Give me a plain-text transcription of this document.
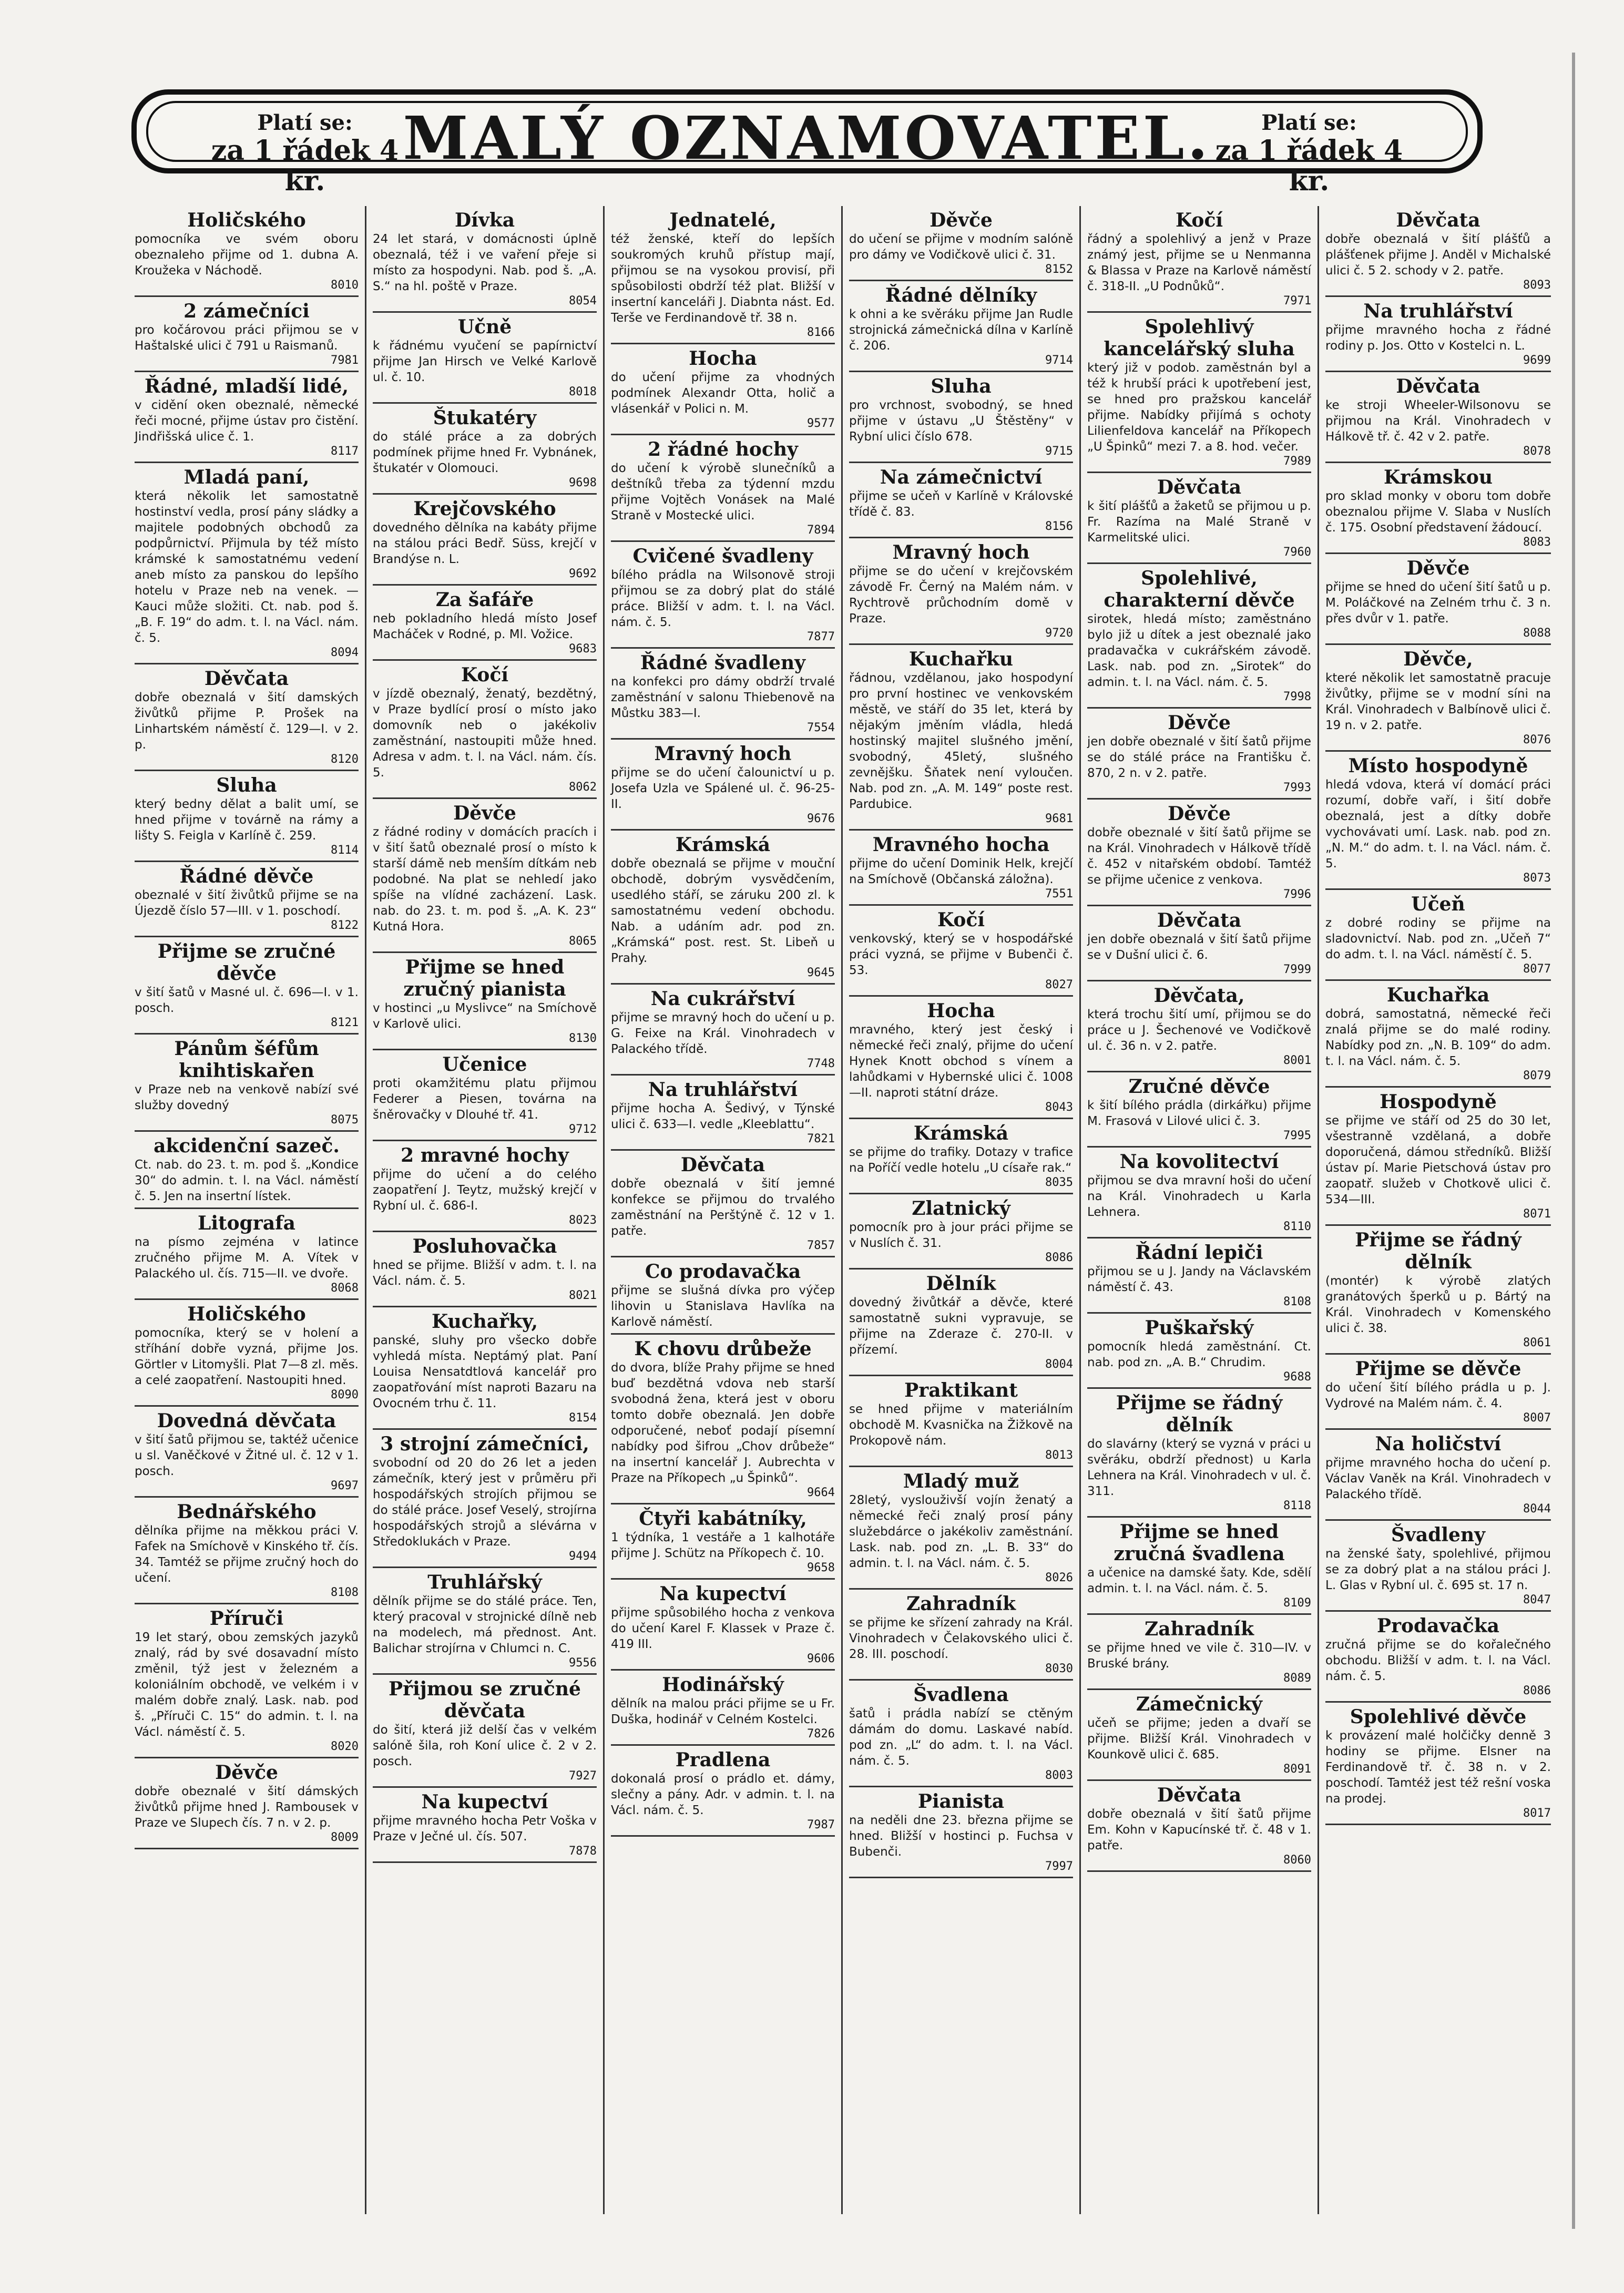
Platí se:
za 1 řádek 4 kr.
MALÝ OZNAMOVATEL.	Platí se:
za 1 řádek 4 kr.
Holičského
pomocníka ve svém oboru obeznaleho přijme od 1. dubna A. Kroužeka v Náchodě.
8010
2 zámečníci
pro kočárovou práci přijmou se v Haštalské ulici č 791 u Raismanů.
7981
Řádné, mladší lidé,
v cidění oken obeznalé, německé řeči mocné, přijme ústav pro čistění. Jindřišská ulice č. 1.
8117
Mladá paní,
která několik let samostatně hostinství vedla, prosí pány sládky a majitele podobných obchodů za podpůrnictví. Přijmula by též místo krámské k samostatnému vedení aneb místo za panskou do lepšího hotelu v Praze neb na venek. — Kauci může složiti. Ct. nab. pod š. „B. F. 19“ do adm. t. l. na Václ. nám. č. 5.
8094
Děvčata
dobře obeznalá v šití damských živůtků přijme P. Prošek na Linhartském náměstí č. 129—I. v 2. p.
8120
Sluha
který bedny dělat a balit umí, se hned přijme v továrně na rámy a lišty S. Feigla v Karlíně č. 259.
8114
Řádné děvče
obeznalé v šití živůtků přijme se na Újezdě číslo 57—III. v 1. poschodí.
8122
Přijme se zručné děvče
v šití šatů v Masné ul. č. 696—I. v 1. posch.
8121
Pánům šéfům knihtiskařen
v Praze neb na venkově nabízí své služby dovedný
8075
akcidenční sazeč.
Ct. nab. do 23. t. m. pod š. „Kondice 30“ do admin. t. l. na Václ. náměstí č. 5. Jen na insertní lístek.
Litografa
na písmo zejména v latince zručného přijme M. A. Vítek v Palackého ul. čís. 715—II. ve dvoře.
8068
Holičského
pomocníka, který se v holení a stříhání dobře vyzná, přijme Jos. Görtler v Litomyšli. Plat 7—8 zl. měs. a celé zaopatření. Nastoupiti hned.
8090
Dovedná děvčata
v šití šatů přijmou se, taktéž učenice u sl. Vaněčkové v Žitné ul. č. 12 v 1. posch.
9697
Bednářského
dělníka přijme na měkkou práci V. Fafek na Smíchově v Kinského tř. čís. 34. Tamtéž se přijme zručný hoch do učení.
8108
Příruči
19 let starý, obou zemských jazyků znalý, rád by své dosavadní místo změnil, týž jest v železném a koloniálním obchodě, ve velkém i v malém dobře znalý. Lask. nab. pod š. „Příruči C. 15“ do admin. t. l. na Václ. náměstí č. 5.
8020
Děvče
dobře obeznalé v šití dámských živůtků přijme hned J. Rambousek v Praze ve Slupech čís. 7 n. v 2. p.
8009
Dívka
24 let stará, v domácnosti úplně obeznalá, též i ve vaření přeje si místo za hospodyni. Nab. pod š. „A. S.“ na hl. poště v Praze.
8054
Učně
k řádnému vyučení se papírnictví přijme Jan Hirsch ve Velké Karlově ul. č. 10.
8018
Štukatéry
do stálé práce a za dobrých podmínek přijme hned Fr. Vybnánek, štukatér v Olomouci.
9698
Krejčovského
dovedného dělníka na kabáty přijme na stálou práci Bedř. Süss, krejčí v Brandýse n. L.
9692
Za šafáře
neb pokladního hledá místo Josef Macháček v Rodné, p. Ml. Vožice.
9683
Kočí
v jízdě obeznalý, ženatý, bezdětný, v Praze bydlící prosí o místo jako domovník neb o jakékoliv zaměstnání, nastoupiti může hned. Adresa v adm. t. l. na Václ. nám. čís. 5.
8062
Děvče
z řádné rodiny v domácích pracích i v šití šatů obeznalé prosí o místo k starší dámě neb menším dítkám neb podobné. Na plat se nehledí jako spíše na vlídné zacházení. Lask. nab. do 23. t. m. pod š. „A. K. 23“ Kutná Hora.
8065
Přijme se hned zručný pianista
v hostinci „u Myslivce“ na Smíchově v Karlově ulici.
8130
Učenice
proti okamžitému platu přijmou Federer a Piesen, továrna na šněrovačky v Dlouhé tř. 41.
9712
2 mravné hochy
přijme do učení a do celého zaopatření J. Teytz, mužský krejčí v Rybní ul. č. 686-I.
8023
Posluhovačka
hned se přijme. Bližší v adm. t. l. na Václ. nám. č. 5.
8021
Kuchařky,
panské, sluhy pro všecko dobře vyhledá místa. Neptámý plat. Paní Louisa Nensatdtlová kancelář pro zaopatřování míst naproti Bazaru na Ovocném trhu č. 11.
8154
3 strojní zámečníci,
svobodní od 20 do 26 let a jeden zámečník, který jest v průměru při hospodářských strojích přijmou se do stálé práce. Josef Veselý, strojírna hospodářských strojů a slévárna v Středoklukách v Praze.
9494
Truhlářský
dělník přijme se do stálé práce. Ten, který pracoval v strojnické dílně neb na modelech, má přednost. Ant. Balichar strojírna v Chlumci n. C.
9556
Přijmou se zručné děvčata
do šití, která již delší čas v velkém salóně šila, roh Koní ulice č. 2 v 2. posch.
7927
Na kupectví
přijme mravného hocha Petr Voška v Praze v Ječné ul. čís. 507.
7878
Jednatelé,
též ženské, kteří do lepších soukromých kruhů přístup mají, přijmou se na vysokou provisí, při spůsobilosti obdrží též plat. Bližší v insertní kanceláři J. Diabnta nást. Ed. Terše ve Ferdinandově tř. 38 n.
8166
Hocha
do učení přijme za vhodných podmínek Alexandr Otta, holič a vlásenkář v Polici n. M.
9577
2 řádné hochy
do učení k výrobě slunečníků a deštníků třeba za týdenní mzdu přijme Vojtěch Vonásek na Malé Straně v Mostecké ulici.
7894
Cvičené švadleny
bílého prádla na Wilsonově stroji přijmou se za dobrý plat do stálé práce. Bližší v adm. t. l. na Václ. nám. č. 5.
7877
Řádné švadleny
na konfekci pro dámy obdrží trvalé zaměstnání v salonu Thiebenově na Můstku 383—I.
7554
Mravný hoch
přijme se do učení čalounictví u p. Josefa Uzla ve Spálené ul. č. 96-25-II.
9676
Krámská
dobře obeznalá se přijme v mouční obchodě, dobrým vysvědčením, usedlého stáří, se záruku 200 zl. k samostatnému vedení obchodu. Nab. a udáním adr. pod zn. „Krámská“ post. rest. St. Libeň u Prahy.
9645
Na cukrářství
přijme se mravný hoch do učení u p. G. Feixe na Král. Vinohradech v Palackého třídě.
7748
Na truhlářství
přijme hocha A. Šedivý, v Týnské ulici č. 633—I. vedle „Kleeblattu“.
7821
Děvčata
dobře obeznalá v šití jemné konfekce se přijmou do trvalého zaměstnání na Perštýně č. 12 v 1. patře.
7857
Co prodavačka
přijme se slušná dívka pro výčep lihovin u Stanislava Havlíka na Karlově náměstí.
K chovu drůbeže
do dvora, blíže Prahy přijme se hned buď bezdětná vdova neb starší svobodná žena, která jest v oboru tomto dobře obeznalá. Jen dobře odporučené, neboť podají písemní nabídky pod šifrou „Chov drůbeže“ na insertní kancelář J. Aubrechta v Praze na Příkopech „u Špinků“.
9664
Čtyři kabátníky,
1 týdníka, 1 vestáře a 1 kalhotáře přijme J. Schütz na Příkopech č. 10.
9658
Na kupectví
přijme spůsobilého hocha z venkova do učení Karel F. Klassek v Praze č. 419 III.
9606
Hodinářský
dělník na malou práci přijme se u Fr. Duška, hodinář v Celném Kostelci.
7826
Pradlena
dokonalá prosí o prádlo et. dámy, slečny a pány. Adr. v admin. t. l. na Václ. nám. č. 5.
7987
Děvče
do učení se přijme v modním salóně pro dámy ve Vodičkově ulici č. 31.
8152
Řádné dělníky
k ohni a ke svěráku přijme Jan Rudle strojnická zámečnická dílna v Karlíně č. 206.
9714
Sluha
pro vrchnost, svobodný, se hned přijme v ústavu „U Štěstěny“ v Rybní ulici číslo 678.
9715
Na zámečnictví
přijme se učeň v Karlíně v Královské třídě č. 83.
8156
Mravný hoch
přijme se do učení v krejčovském závodě Fr. Černý na Malém nám. v Rychtrově průchodním domě v Praze.
9720
Kuchařku
řádnou, vzdělanou, jako hospodyní pro první hostinec ve venkovském městě, ve stáří do 35 let, která by nějakým jměním vládla, hledá hostinský majitel slušného jmění, svobodný, 45letý, slušného zevnějšku. Šňatek není vyloučen. Nab. pod zn. „A. M. 149“ poste rest. Pardubice.
9681
Mravného hocha
přijme do učení Dominik Helk, krejčí na Smíchově (Občanská záložna).
7551
Kočí
venkovský, který se v hospodářské práci vyzná, se přijme v Bubenči č. 53.
8027
Hocha
mravného, který jest český i německé řeči znalý, přijme do učení Hynek Knott obchod s vínem a lahůdkami v Hybernské ulici č. 1008—II. naproti státní dráze.
8043
Krámská
se přijme do trafiky. Dotazy v trafice na Poříčí vedle hotelu „U císaře rak.“
8035
Zlatnický
pomocník pro à jour práci přijme se v Nuslích č. 31.
8086
Dělník
dovedný živůtkář a děvče, které samostatně sukni vypravuje, se přijme na Zderaze č. 270-II. v přízemí.
8004
Praktikant
se hned přijme v materiálním obchodě M. Kvasnička na Žižkově na Prokopově nám.
8013
Mladý muž
28letý, vyslouživší vojín ženatý a německé řeči znalý prosí pány služebdárce o jakékoliv zaměstnání. Lask. nab. pod zn. „L. B. 33“ do admin. t. l. na Václ. nám. č. 5.
8026
Zahradník
se přijme ke sřízení zahrady na Král. Vinohradech v Čelakovského ulici č. 28. III. poschodí.
8030
Švadlena
šatů i prádla nabízí se ctěným dámám do domu. Laskavé nabíd. pod zn. „L“ do adm. t. l. na Václ. nám. č. 5.
8003
Pianista
na neděli dne 23. března přijme se hned. Bližší v hostinci p. Fuchsa v Bubenči.
7997
Kočí
řádný a spolehlivý a jenž v Praze známý jest, přijme se u Nenmanna & Blassa v Praze na Karlově náměstí č. 318-II. „U Podnůků“.
7971
Spolehlivý kancelářský sluha
který již v podob. zaměstnán byl a též k hrubší práci k upotřebení jest, se hned pro pražskou kancelář přijme. Nabídky přijímá s ochoty Lilienfeldova kancelář na Příkopech „U Špinků“ mezi 7. a 8. hod. večer.
7989
Děvčata
k šití plášťů a žaketů se přijmou u p. Fr. Razíma na Malé Straně v Karmelitské ulici.
7960
Spolehlivé, charakterní děvče
sirotek, hledá místo; zaměstnáno bylo již u dítek a jest obeznalé jako pradavačka v cukrářském závodě. Lask. nab. pod zn. „Sirotek“ do admin. t. l. na Václ. nám. č. 5.
7998
Děvče
jen dobře obeznalé v šití šatů přijme se do stálé práce na Františku č. 870, 2 n. v 2. patře.
7993
Děvče
dobře obeznalé v šití šatů přijme se na Král. Vinohradech v Hálkově třídě č. 452 v nitařském období. Tamtéž se přijme učenice z venkova.
7996
Děvčata
jen dobře obeznalá v šití šatů přijme se v Dušní ulici č. 6.
7999
Děvčata,
která trochu šití umí, přijmou se do práce u J. Šechenové ve Vodičkově ul. č. 36 n. v 2. patře.
8001
Zručné děvče
k šití bílého prádla (dirkářku) přijme M. Frasová v Lilové ulici č. 3.
7995
Na kovolitectví
přijmou se dva mravní hoši do učení na Král. Vinohradech u Karla Lehnera.
8110
Řádní lepiči
přijmou se u J. Jandy na Václavském náměstí č. 43.
8108
Puškařský
pomocník hledá zaměstnání. Ct. nab. pod zn. „A. B.“ Chrudim.
9688
Přijme se řádný dělník
do slavárny (který se vyzná v práci u svěráku, obdrží přednost) u Karla Lehnera na Král. Vinohradech v ul. č. 311.
8118
Přijme se hned zručná švadlena
a učenice na damské šaty. Kde, sdělí admin. t. l. na Václ. nám. č. 5.
8109
Zahradník
se přijme hned ve vile č. 310—IV. v Bruské brány.
8089
Zámečnický
učeň se přijme; jeden a dvaří se přijme. Bližší Král. Vinohradech v Kounkově ulici č. 685.
8091
Děvčata
dobře obeznalá v šití šatů přijme Em. Kohn v Kapucínské tř. č. 48 v 1. patře.
8060
Děvčata
dobře obeznalá v šití plášťů a plášťenek přijme J. Anděl v Michalské ulici č. 5 2. schody v 2. patře.
8093
Na truhlářství
přijme mravného hocha z řádné rodiny p. Jos. Otto v Kostelci n. L.
9699
Děvčata
ke stroji Wheeler-Wilsonovu se přijmou na Král. Vinohradech v Hálkově tř. č. 42 v 2. patře.
8078
Krámskou
pro sklad monky v oboru tom dobře obeznalou přijme V. Slaba v Nuslích č. 175. Osobní představení žádoucí.
8083
Děvče
přijme se hned do učení šití šatů u p. M. Poláčkové na Zelném trhu č. 3 n. přes dvůr v 1. patře.
8088
Děvče,
které několik let samostatně pracuje živůtky, přijme se v modní síni na Král. Vinohradech v Balbínově ulici č. 19 n. v 2. patře.
8076
Místo hospodyně
hledá vdova, která ví domácí práci rozumí, dobře vaří, i šití dobře obeznalá, jest a dítky dobře vychovávati umí. Lask. nab. pod zn. „N. M.“ do adm. t. l. na Václ. nám. č. 5.
8073
Učeň
z dobré rodiny se přijme na sladovnictví. Nab. pod zn. „Učeň 7“ do adm. t. l. na Václ. náměstí č. 5.
8077
Kuchařka
dobrá, samostatná, německé řeči znalá přijme se do malé rodiny. Nabídky pod zn. „N. B. 109“ do adm. t. l. na Václ. nám. č. 5.
8079
Hospodyně
se přijme ve stáří od 25 do 30 let, všestranně vzdělaná, a dobře doporučená, dámou středníků. Bližší ústav pí. Marie Pietschová ústav pro zaopatř. služeb v Chotkově ulici č. 534—III.
8071
Přijme se řádný dělník
(montér) k výrobě zlatých granátových šperků u p. Bártý na Král. Vinohradech v Komenského ulici č. 38.
8061
Přijme se děvče
do učení šití bílého prádla u p. J. Vydrové na Malém nám. č. 4.
8007
Na holičství
přijme mravného hocha do učení p. Václav Vaněk na Král. Vinohradech v Palackého třídě.
8044
Švadleny
na ženské šaty, spolehlivé, přijmou se za dobrý plat a na stálou práci J. L. Glas v Rybní ul. č. 695 st. 17 n.
8047
Prodavačka
zručná přijme se do kořalečného obchodu. Bližší v adm. t. l. na Václ. nám. č. 5.
8086
Spolehlivé děvče
k provázení malé holčičky denně 3 hodiny se přijme. Elsner na Ferdinandově tř. č. 38 n. v 2. poschodí. Tamtéž jest též rešní voska na prodej.
8017
